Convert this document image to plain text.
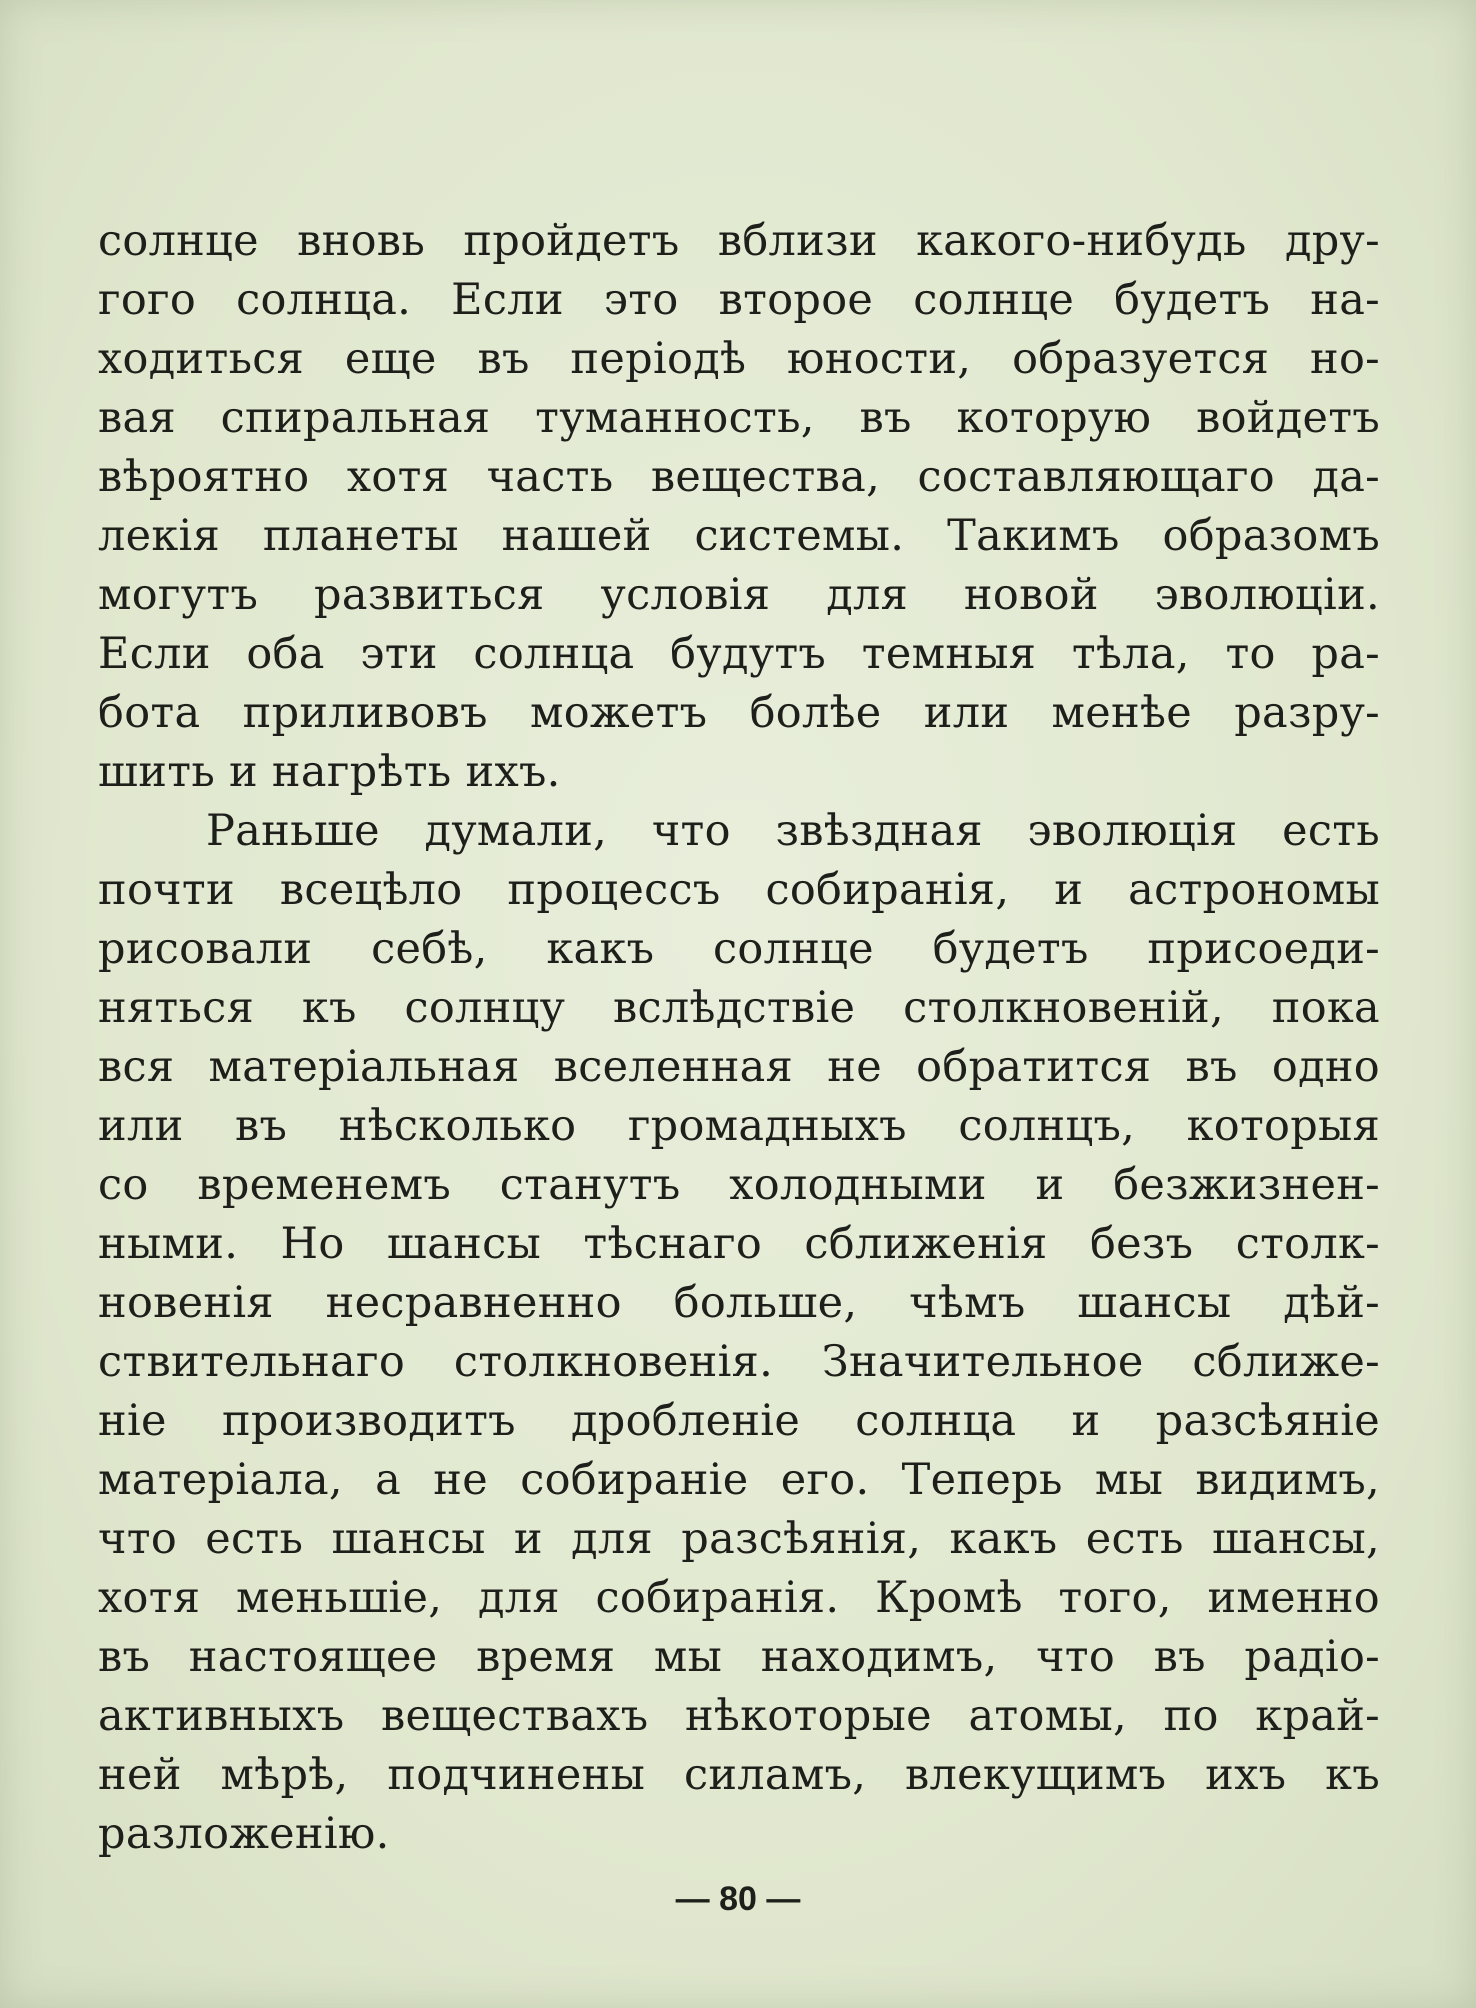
солнце вновь пройдетъ вблизи какого-нибудь дру-
гого солнца. Если это второе солнце будетъ на-
ходиться еще въ періодѣ юности, образуется но-
вая спиральная туманность, въ которую войдетъ
вѣроятно хотя часть вещества, составляющаго да-
лекія планеты нашей системы. Такимъ образомъ
могутъ развиться условія для новой эволюціи.
Если оба эти солнца будутъ темныя тѣла, то ра-
бота приливовъ можетъ болѣе или менѣе разру-
шить и нагрѣть ихъ.
Раньше думали, что звѣздная эволюція есть
почти всецѣло процессъ собиранія, и астрономы
рисовали себѣ, какъ солнце будетъ присоеди-
няться къ солнцу вслѣдствіе столкновеній, пока
вся матеріальная вселенная не обратится въ одно
или въ нѣсколько громадныхъ солнцъ, которыя
со временемъ станутъ холодными и безжизнен-
ными. Но шансы тѣснаго сближенія безъ столк-
новенія несравненно больше, чѣмъ шансы дѣй-
ствительнаго столкновенія. Значительное сближе-
ніе производитъ дробленіе солнца и разсѣяніе
матеріала, а не собираніе его. Теперь мы видимъ,
что есть шансы и для разсѣянія, какъ есть шансы,
хотя меньшіе, для собиранія. Кромѣ того, именно
въ настоящее время мы находимъ, что въ радіо-
активныхъ веществахъ нѣкоторые атомы, по край-
ней мѣрѣ, подчинены силамъ, влекущимъ ихъ къ
разложенію.
— 80 —
